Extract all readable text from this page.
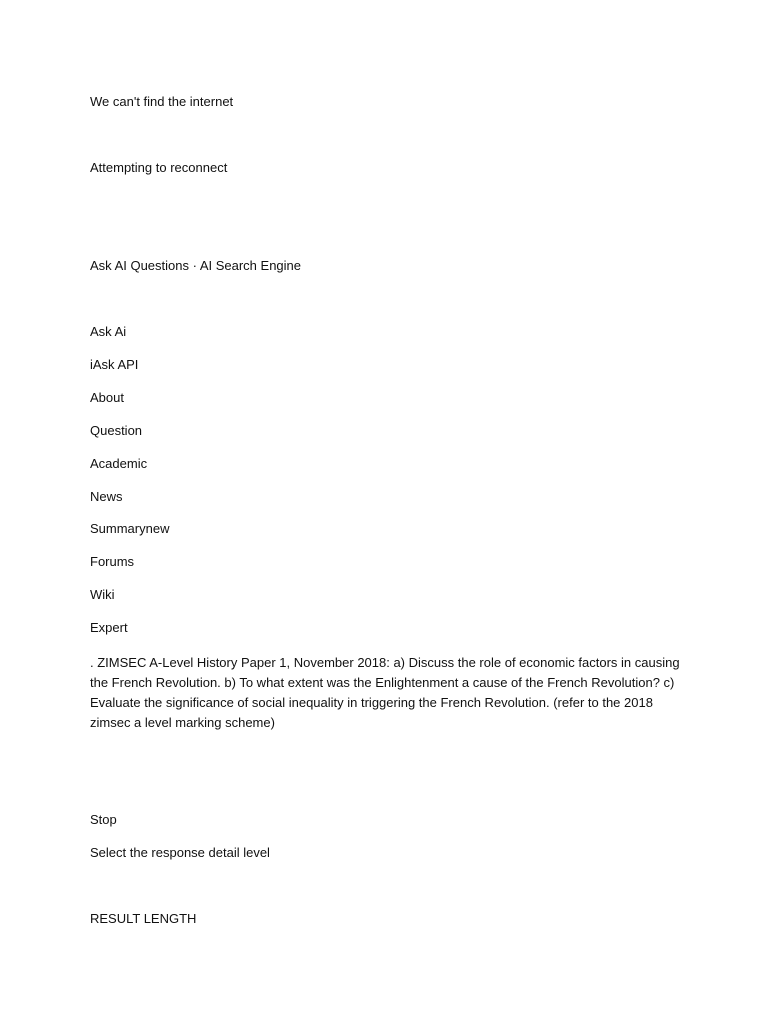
We can't find the internet
Attempting to reconnect
Ask AI Questions · AI Search Engine
Ask Ai
iAsk API
About
Question
Academic
News
Summarynew
Forums
Wiki
Expert
. ZIMSEC A-Level History Paper 1, November 2018: a) Discuss the role of economic factors in causing the French Revolution. b) To what extent was the Enlightenment a cause of the French Revolution? c) Evaluate the significance of social inequality in triggering the French Revolution. (refer to the 2018 zimsec a level marking scheme)
Stop
Select the response detail level
RESULT LENGTH
